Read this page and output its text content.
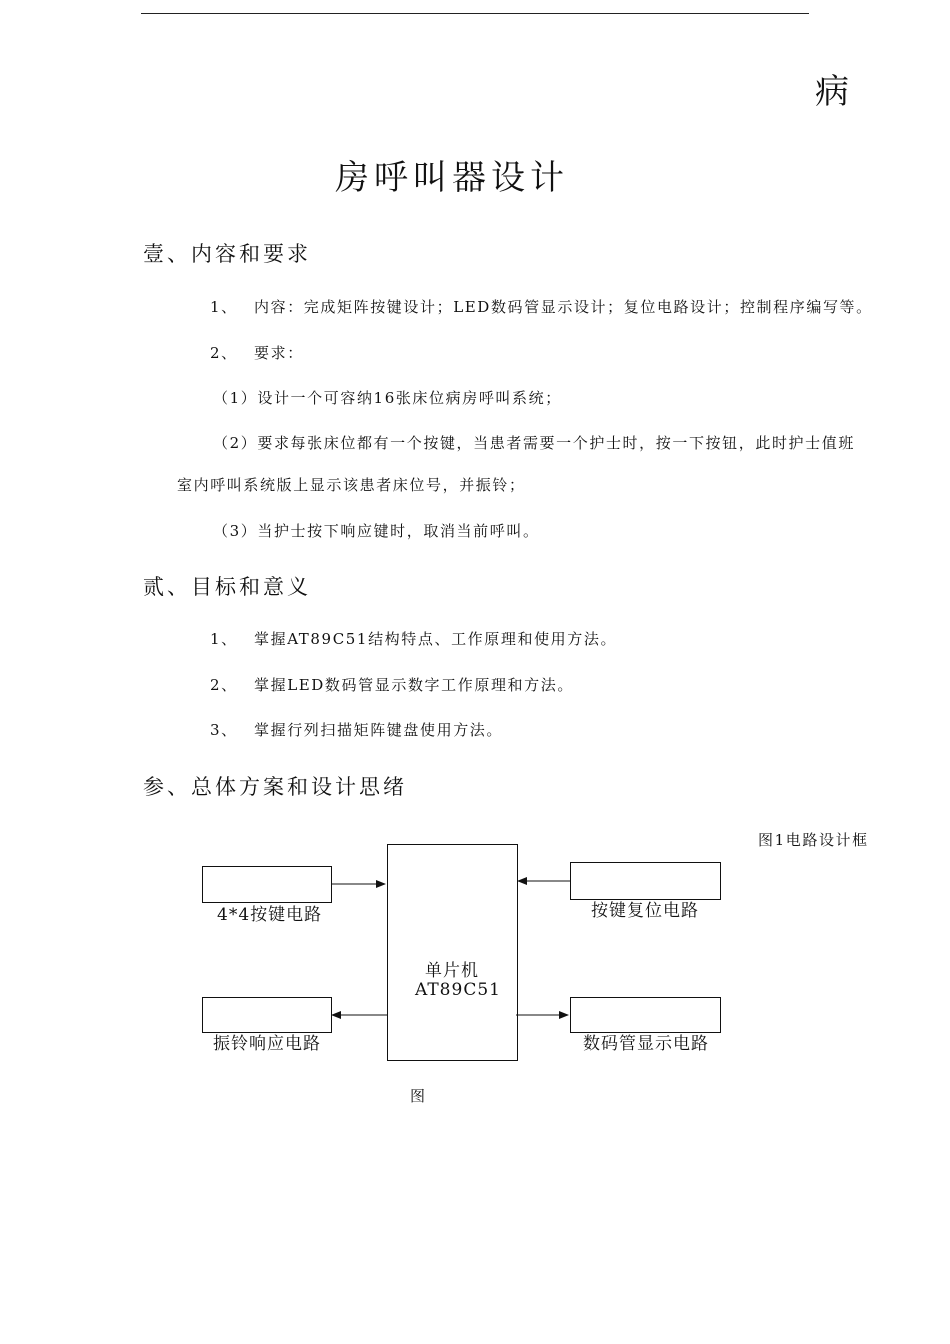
病
房呼叫器设计
壹、内容和要求
1、 内容：完成矩阵按键设计；LED数码管显示设计；复位电路设计；控制程序编写等。
2、 要求：
（1）设计一个可容纳16张床位病房呼叫系统；
（2）要求每张床位都有一个按键，当患者需要一个护士时，按一下按钮，此时护士值班
室内呼叫系统版上显示该患者床位号，并振铃；
（3）当护士按下响应键时，取消当前呼叫。
贰、目标和意义
1、 掌握AT89C51结构特点、工作原理和使用方法。
2、 掌握LED数码管显示数字工作原理和方法。
3、 掌握行列扫描矩阵键盘使用方法。
参、总体方案和设计思绪
图1电路设计框
单片机
AT89C51
4*4按键电路	按键复位电路
振铃响应电路	数码管显示电路
图
